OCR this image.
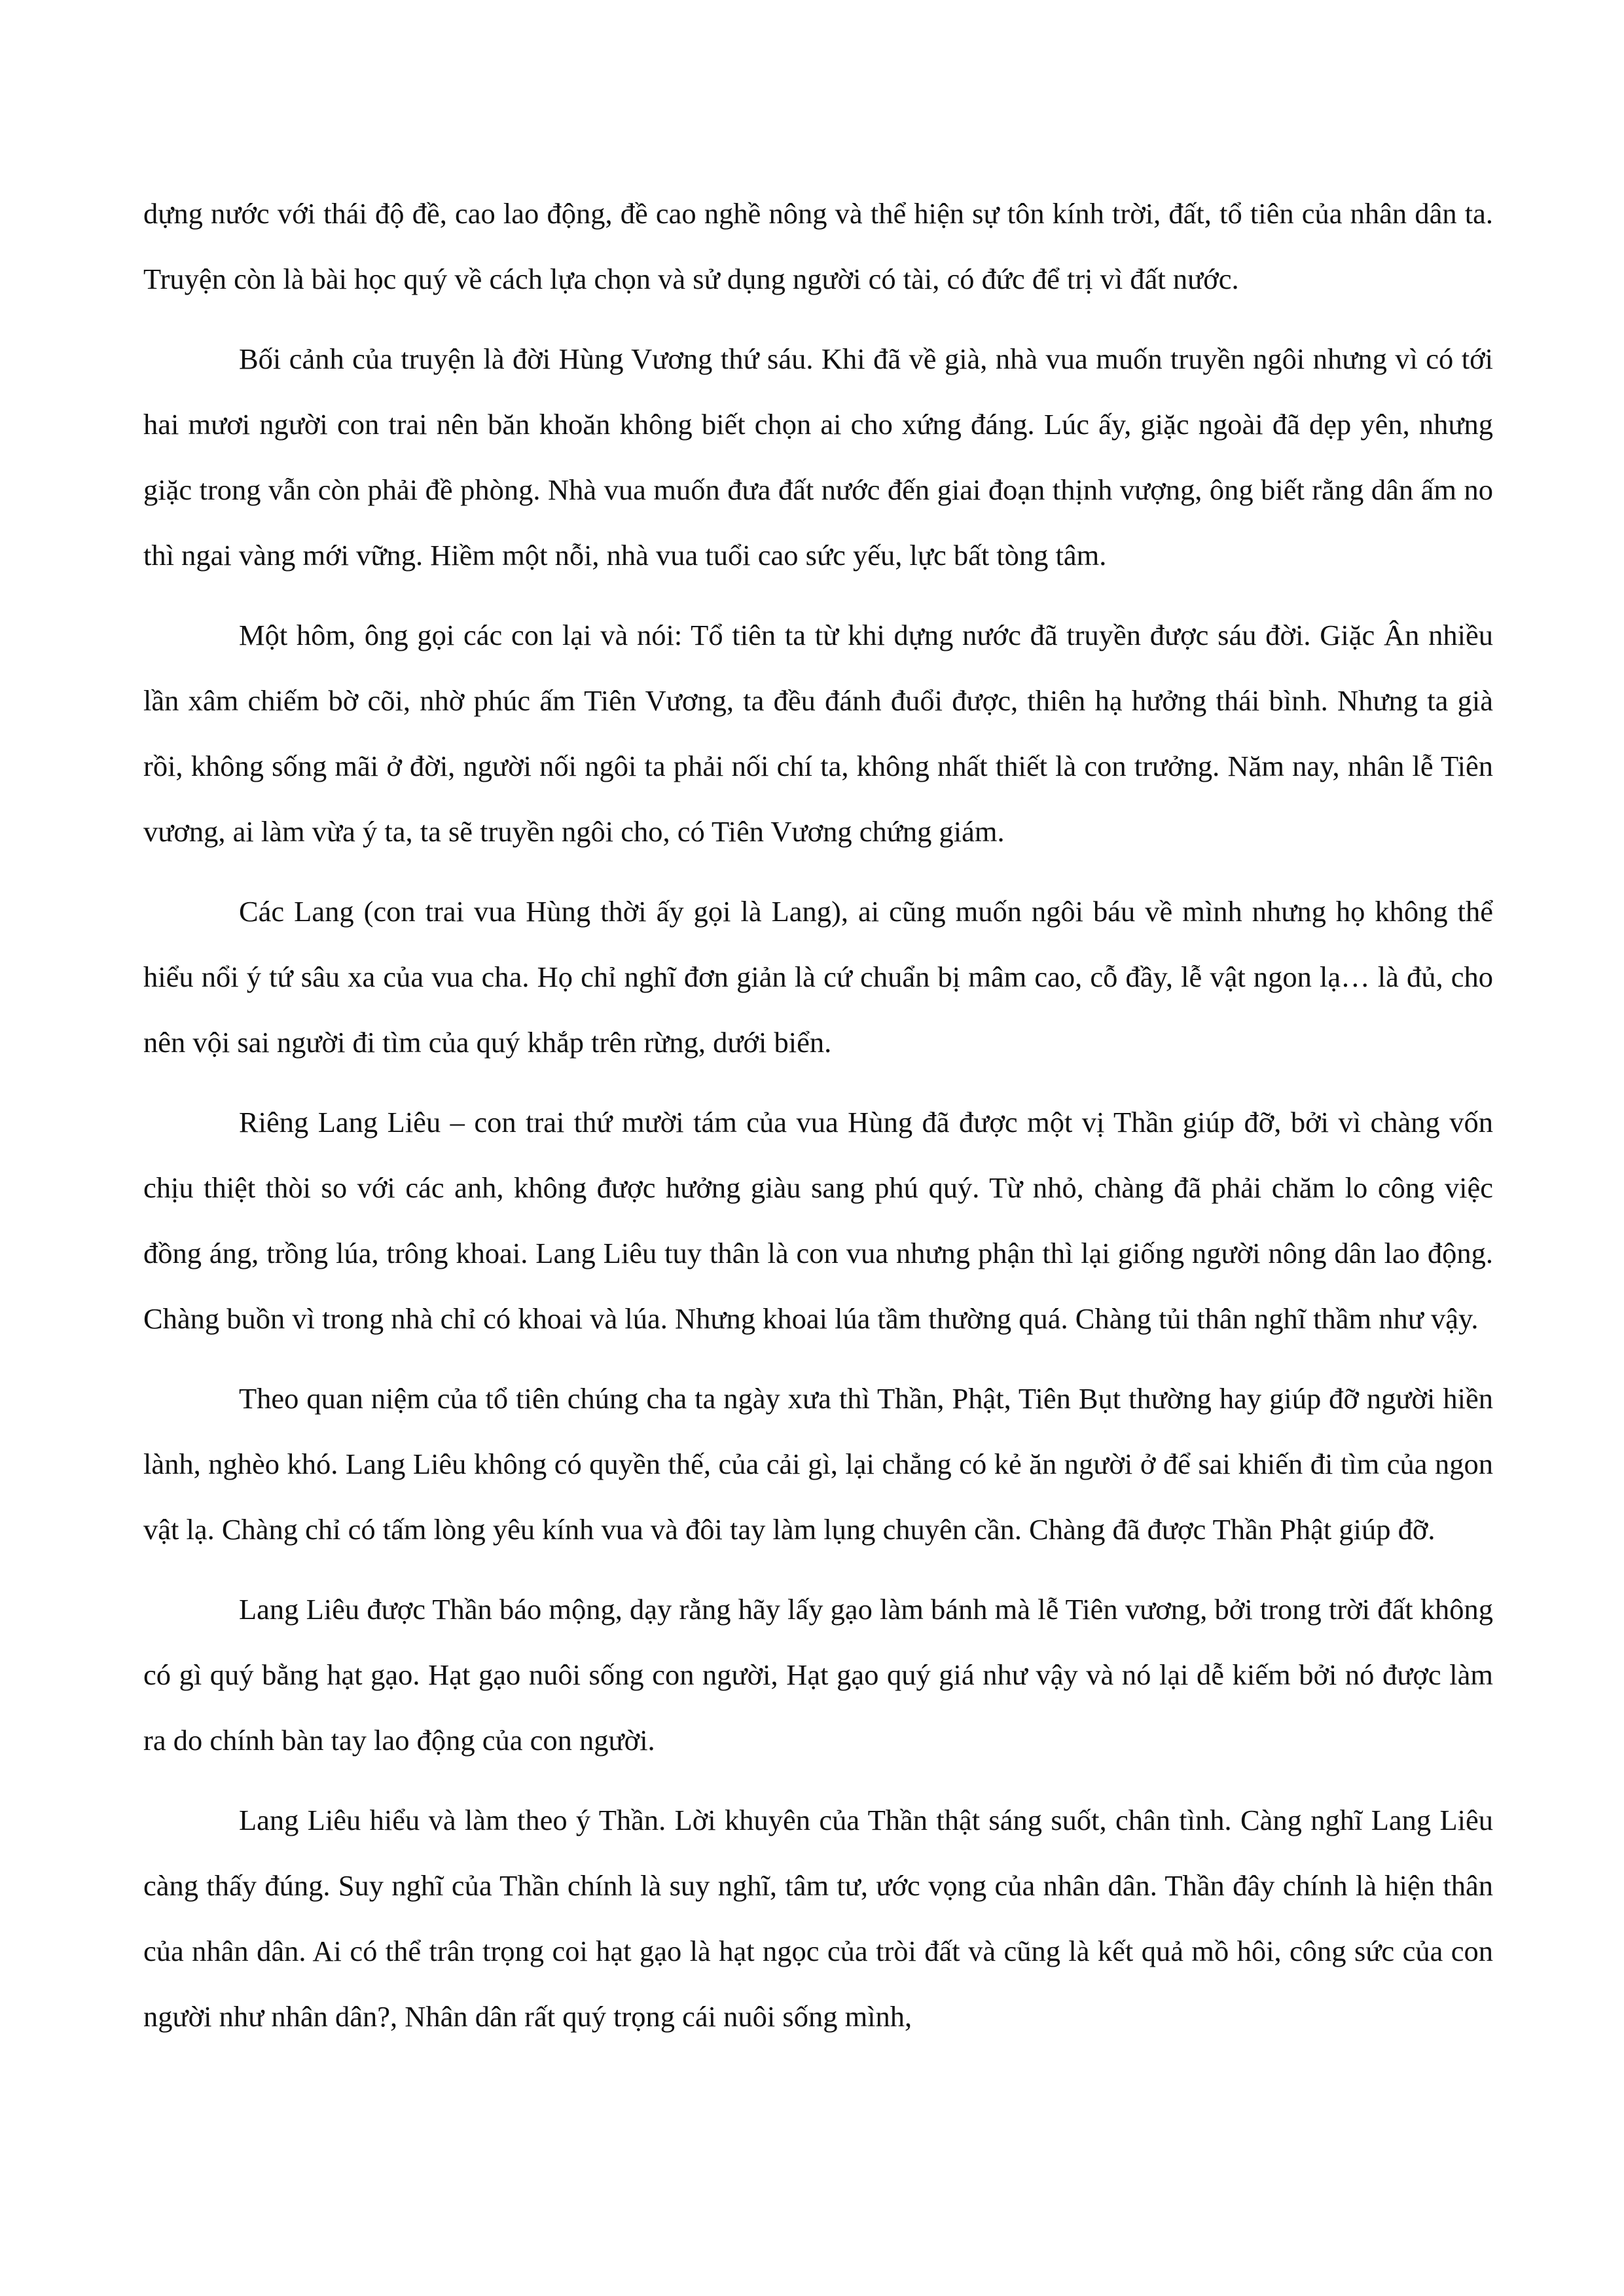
dựng nước với thái độ đề, cao lao động, đề cao nghề nông và thể hiện sự tôn kính trời, đất, tổ tiên của nhân dân ta. Truyện còn là bài học quý về cách lựa chọn và sử dụng người có tài, có đức để trị vì đất nước.

Bối cảnh của truyện là đời Hùng Vương thứ sáu. Khi đã về già, nhà vua muốn truyền ngôi nhưng vì có tới hai mươi người con trai nên băn khoăn không biết chọn ai cho xứng đáng. Lúc ấy, giặc ngoài đã dẹp yên, nhưng giặc trong vẫn còn phải đề phòng. Nhà vua muốn đưa đất nước đến giai đoạn thịnh vượng, ông biết rằng dân ấm no thì ngai vàng mới vững. Hiềm một nỗi, nhà vua tuổi cao sức yếu, lực bất tòng tâm.

Một hôm, ông gọi các con lại và nói: Tổ tiên ta từ khi dựng nước đã truyền được sáu đời. Giặc Ân nhiều lần xâm chiếm bờ cõi, nhờ phúc ấm Tiên Vương, ta đều đánh đuổi được, thiên hạ hưởng thái bình. Nhưng ta già rồi, không sống mãi ở đời, người nối ngôi ta phải nối chí ta, không nhất thiết là con trưởng. Năm nay, nhân lễ Tiên vương, ai làm vừa ý ta, ta sẽ truyền ngôi cho, có Tiên Vương chứng giám.

Các Lang (con trai vua Hùng thời ấy gọi là Lang), ai cũng muốn ngôi báu về mình nhưng họ không thể hiểu nổi ý tứ sâu xa của vua cha. Họ chỉ nghĩ đơn giản là cứ chuẩn bị mâm cao, cỗ đầy, lễ vật ngon lạ… là đủ, cho nên vội sai người đi tìm của quý khắp trên rừng, dưới biển.

Riêng Lang Liêu – con trai thứ mười tám của vua Hùng đã được một vị Thần giúp đỡ, bởi vì chàng vốn chịu thiệt thòi so với các anh, không được hưởng giàu sang phú quý. Từ nhỏ, chàng đã phải chăm lo công việc đồng áng, trồng lúa, trông khoai. Lang Liêu tuy thân là con vua nhưng phận thì lại giống người nông dân lao động. Chàng buồn vì trong nhà chỉ có khoai và lúa. Nhưng khoai lúa tầm thường quá. Chàng tủi thân nghĩ thầm như vậy.

Theo quan niệm của tổ tiên chúng cha ta ngày xưa thì Thần, Phật, Tiên Bụt thường hay giúp đỡ người hiền lành, nghèo khó. Lang Liêu không có quyền thế, của cải gì, lại chẳng có kẻ ăn người ở để sai khiến đi tìm của ngon vật lạ. Chàng chỉ có tấm lòng yêu kính vua và đôi tay làm lụng chuyên cần. Chàng đã được Thần Phật giúp đỡ.

Lang Liêu được Thần báo mộng, dạy rằng hãy lấy gạo làm bánh mà lễ Tiên vương, bởi trong trời đất không có gì quý bằng hạt gạo. Hạt gạo nuôi sống con người, Hạt gạo quý giá như vậy và nó lại dễ kiếm bởi nó được làm ra do chính bàn tay lao động của con người.

Lang Liêu hiểu và làm theo ý Thần. Lời khuyên của Thần thật sáng suốt, chân tình. Càng nghĩ Lang Liêu càng thấy đúng. Suy nghĩ của Thần chính là suy nghĩ, tâm tư, ước vọng của nhân dân. Thần đây chính là hiện thân của nhân dân. Ai có thể trân trọng coi hạt gạo là hạt ngọc của tròi đất và cũng là kết quả mồ hôi, công sức của con người như nhân dân?, Nhân dân rất quý trọng cái nuôi sống mình,
